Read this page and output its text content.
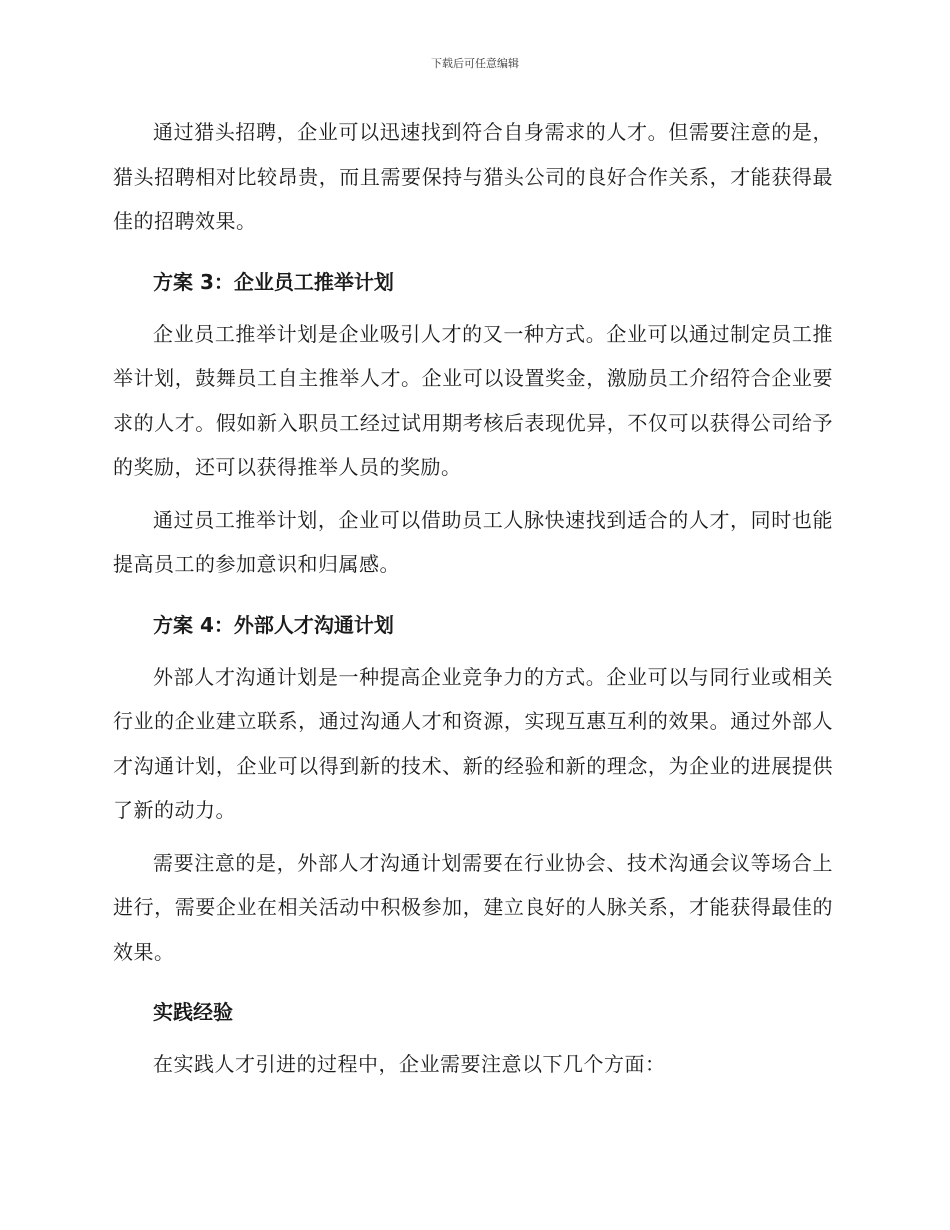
下载后可任意编辑

通过猎头招聘，企业可以迅速找到符合自身需求的人才。但需要注意的是，猎头招聘相对比较昂贵，而且需要保持与猎头公司的良好合作关系，才能获得最佳的招聘效果。

方案 3：企业员工推举计划

企业员工推举计划是企业吸引人才的又一种方式。企业可以通过制定员工推举计划，鼓舞员工自主推举人才。企业可以设置奖金，激励员工介绍符合企业要求的人才。假如新入职员工经过试用期考核后表现优异，不仅可以获得公司给予的奖励，还可以获得推举人员的奖励。

通过员工推举计划，企业可以借助员工人脉快速找到适合的人才，同时也能提高员工的参加意识和归属感。

方案 4：外部人才沟通计划

外部人才沟通计划是一种提高企业竞争力的方式。企业可以与同行业或相关行业的企业建立联系，通过沟通人才和资源，实现互惠互利的效果。通过外部人才沟通计划，企业可以得到新的技术、新的经验和新的理念，为企业的进展提供了新的动力。

需要注意的是，外部人才沟通计划需要在行业协会、技术沟通会议等场合上进行，需要企业在相关活动中积极参加，建立良好的人脉关系，才能获得最佳的效果。

实践经验

在实践人才引进的过程中，企业需要注意以下几个方面：
